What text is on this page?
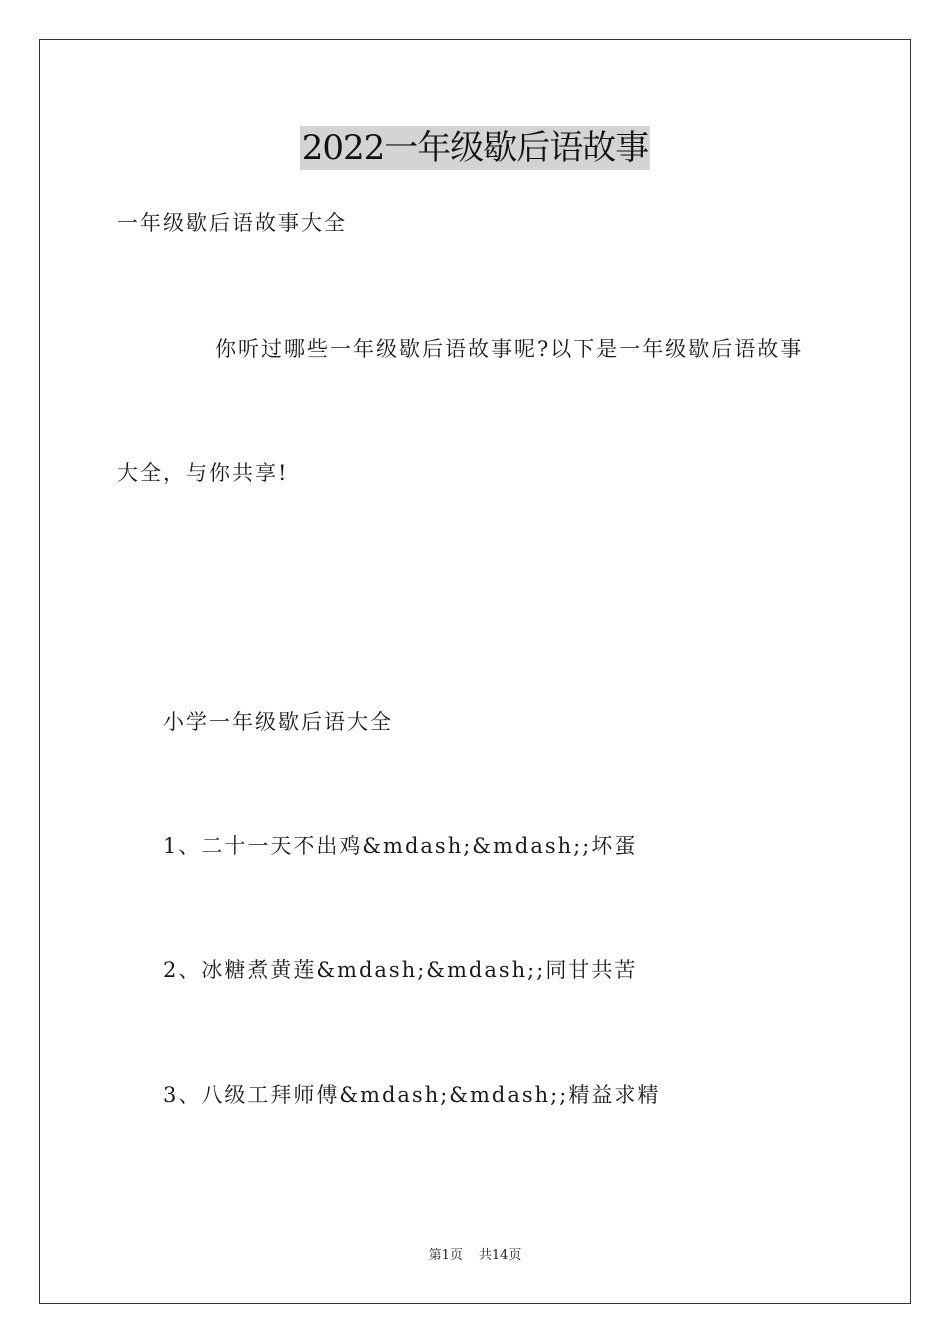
2022一年级歇后语故事
一年级歇后语故事大全
你听过哪些一年级歇后语故事呢?以下是一年级歇后语故事
大全，与你共享!
小学一年级歇后语大全
1、二十一天不出鸡&mdash;&mdash;;坏蛋
2、冰糖煮黄莲&mdash;&mdash;;同甘共苦
3、八级工拜师傅&mdash;&mdash;;精益求精
第1页 共14页
